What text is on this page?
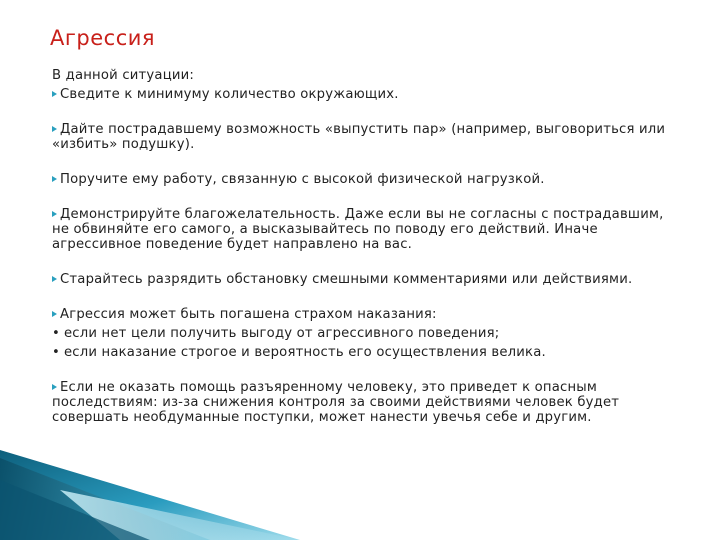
Агрессия
В данной ситуации:
Сведите к минимуму количество окружающих.
Дайте пострадавшему возможность «выпустить пар» (например, выговориться или «избить» подушку).
Поручите ему работу, связанную с высокой физической нагрузкой.
Демонстрируйте благожелательность. Даже если вы не согласны с пострадавшим, не обвиняйте его самого, а высказывайтесь по поводу его действий. Иначе агрессивное поведение будет направлено на вас.
Старайтесь разрядить обстановку смешными комментариями или действиями.
Агрессия может быть погашена страхом наказания:
• если нет цели получить выгоду от агрессивного поведения;
• если наказание строгое и вероятность его осуществления велика.
Если не оказать помощь разъяренному человеку, это приведет к опасным последствиям: из-за снижения контроля за своими действиями человек будет совершать необдуманные поступки, может нанести увечья себе и другим.
